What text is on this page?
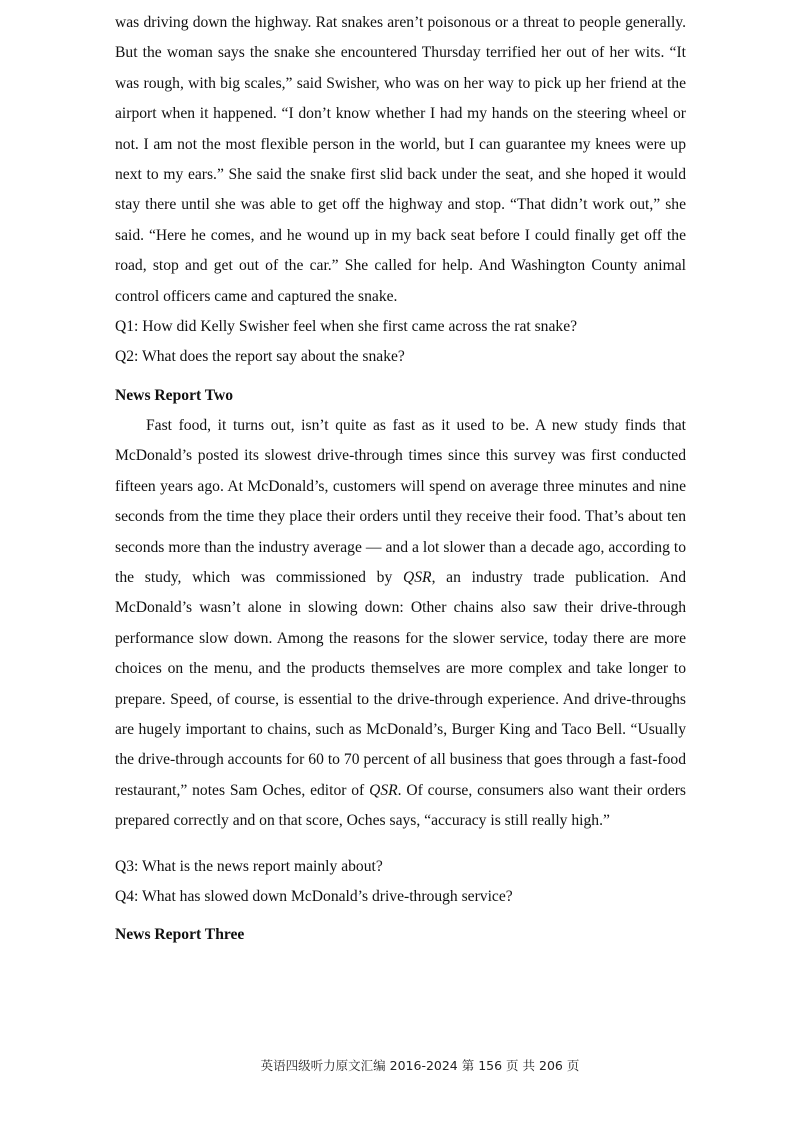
was driving down the highway. Rat snakes aren’t poisonous or a threat to people generally.
But the woman says the snake she encountered Thursday terrified her out of her wits. “It
was rough, with big scales,” said Swisher, who was on her way to pick up her friend at the
airport when it happened. “I don’t know whether I had my hands on the steering wheel or
not. I am not the most flexible person in the world, but I can guarantee my knees were up
next to my ears.” She said the snake first slid back under the seat, and she hoped it would
stay there until she was able to get off the highway and stop. “That didn’t work out,” she
said. “Here he comes, and he wound up in my back seat before I could finally get off the
road, stop and get out of the car.” She called for help. And Washington County animal
control officers came and captured the snake.
Q1: How did Kelly Swisher feel when she first came across the rat snake?
Q2: What does the report say about the snake?
News Report Two
Fast food, it turns out, isn’t quite as fast as it used to be. A new study finds that
McDonald’s posted its slowest drive-through times since this survey was first conducted
fifteen years ago. At McDonald’s, customers will spend on average three minutes and nine
seconds from the time they place their orders until they receive their food. That’s about ten
seconds more than the industry average — and a lot slower than a decade ago, according to
the study, which was commissioned by QSR, an industry trade publication. And
McDonald’s wasn’t alone in slowing down: Other chains also saw their drive-through
performance slow down. Among the reasons for the slower service, today there are more
choices on the menu, and the products themselves are more complex and take longer to
prepare. Speed, of course, is essential to the drive-through experience. And drive-throughs
are hugely important to chains, such as McDonald’s, Burger King and Taco Bell. “Usually
the drive-through accounts for 60 to 70 percent of all business that goes through a fast-food
restaurant,” notes Sam Oches, editor of QSR. Of course, consumers also want their orders
prepared correctly and on that score, Oches says, “accuracy is still really high.”
Q3: What is the news report mainly about?
Q4: What has slowed down McDonald’s drive-through service?
News Report Three
英语四级听力原文汇编 2016-2024 第 156 页 共 206 页
